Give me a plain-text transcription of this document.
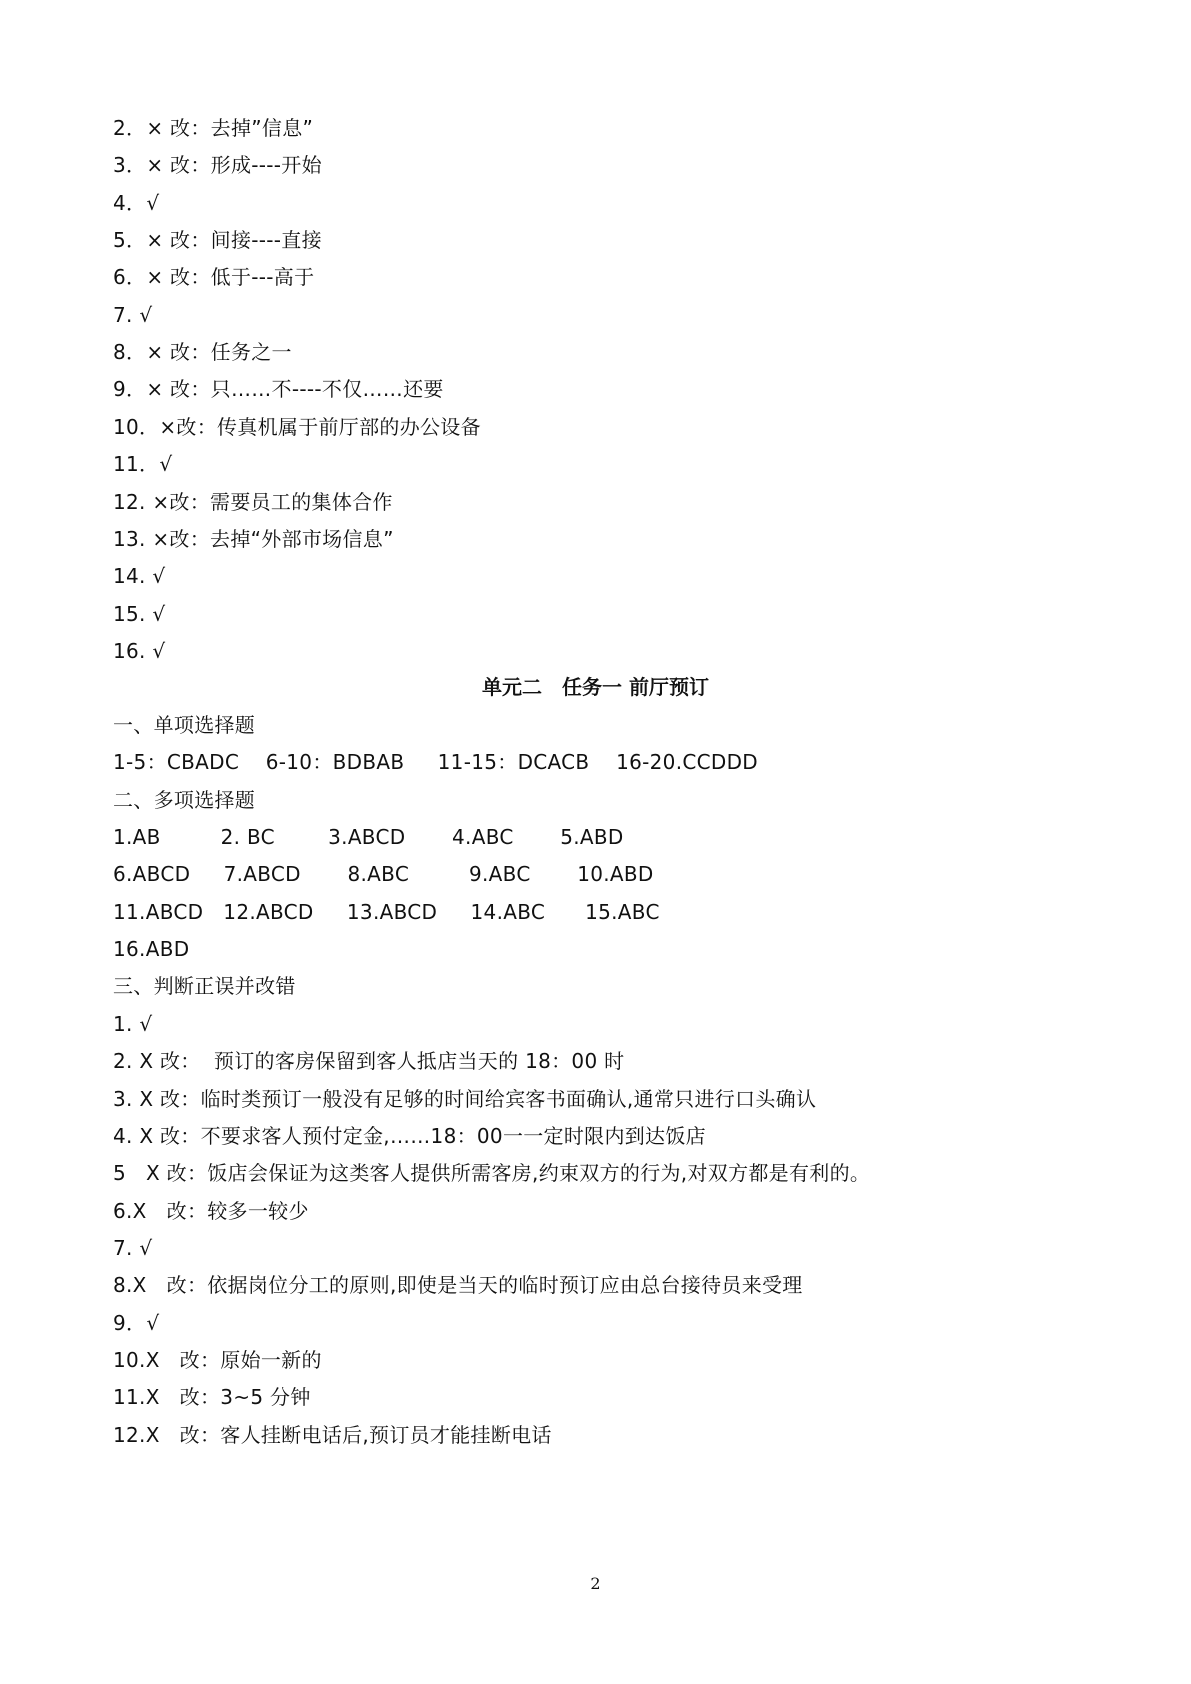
2．× 改：去掉”信息”
3．× 改：形成----开始
4．√
5．× 改：间接----直接
6．× 改：低于---高于
7. √
8．× 改：任务之一
9．× 改：只……不----不仅……还要
10．×改：传真机属于前厅部的办公设备
11．√
12. ×改：需要员工的集体合作
13. ×改：去掉“外部市场信息”
14. √
15. √
16. √
单元二　任务一 前厅预订
一、单项选择题
1-5：CBADC    6-10：BDBAB     11-15：DCACB    16-20.CCDDD
二、多项选择题
1.AB         2. BC        3.ABCD       4.ABC       5.ABD
6.ABCD     7.ABCD       8.ABC         9.ABC       10.ABD
11.ABCD   12.ABCD     13.ABCD     14.ABC      15.ABC
16.ABD
三、判断正误并改错
1. √
2. X 改：  预订的客房保留到客人抵店当天的 18：00 时
3. X 改：临时类预订一般没有足够的时间给宾客书面确认,通常只进行口头确认
4. X 改：不要求客人预付定金,……18：00一一定时限内到达饭店
5   X 改：饭店会保证为这类客人提供所需客房,约束双方的行为,对双方都是有利的。
6.X   改：较多一较少
7. √
8.X   改：依据岗位分工的原则,即使是当天的临时预订应由总台接待员来受理
9．√
10.X   改：原始一新的
11.X   改：3~5 分钟
12.X   改：客人挂断电话后,预订员才能挂断电话
2
